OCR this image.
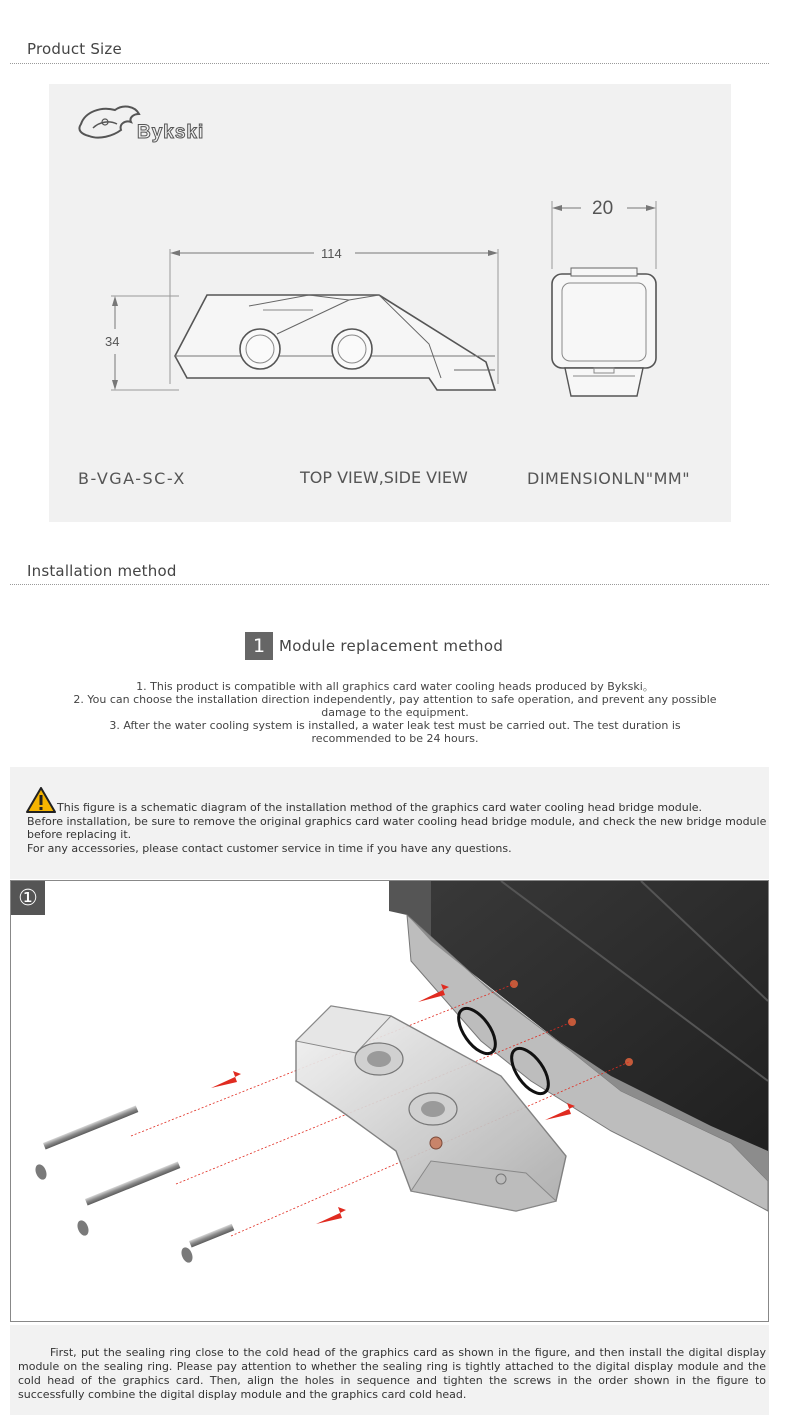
Product Size
Bykski
114
34
20
B-VGA-SC-X	TOP VIEW,SIDE VIEW	DIMENSIONLN"MM"
Installation method
1 Module replacement method
1. This product is compatible with all graphics card water cooling heads produced by Bykski。
2. You can choose the installation direction independently, pay attention to safe operation, and prevent any possible damage to the equipment.
3. After the water cooling system is installed, a water leak test must be carried out. The test duration is recommended to be 24 hours.
This figure is a schematic diagram of the installation method of the graphics card water cooling head bridge module.
Before installation, be sure to remove the original graphics card water cooling head bridge module, and check the new bridge module before replacing it.
For any accessories, please contact customer service in time if you have any questions.
①
First, put the sealing ring close to the cold head of the graphics card as shown in the figure, and then install the digital display module on the sealing ring. Please pay attention to whether the sealing ring is tightly attached to the digital display module and the cold head of the graphics card. Then, align the holes in sequence and tighten the screws in the order shown in the figure to successfully combine the digital display module and the graphics card cold head.
